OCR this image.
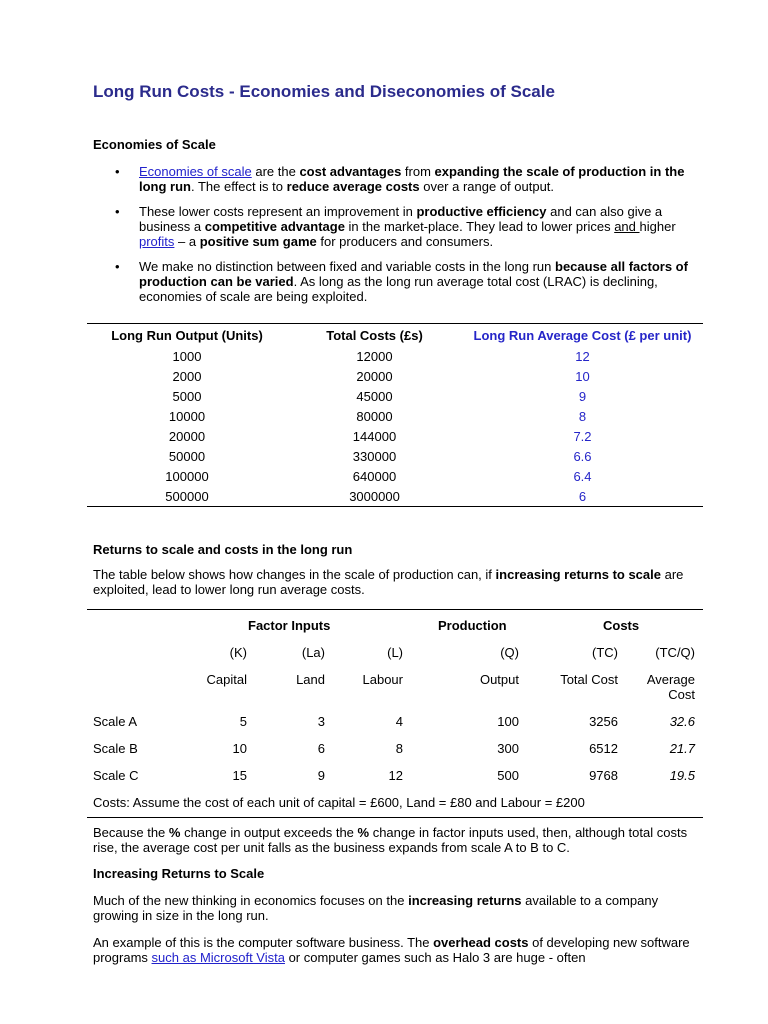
Long Run Costs - Economies and Diseconomies of Scale
Economies of Scale
• Economies of scale are the cost advantages from expanding the scale of production in the long run. The effect is to reduce average costs over a range of output.
• These lower costs represent an improvement in productive efficiency and can also give a business a competitive advantage in the market-place. They lead to lower prices and higher profits – a positive sum game for producers and consumers.
• We make no distinction between fixed and variable costs in the long run because all factors of production can be varied. As long as the long run average total cost (LRAC) is declining, economies of scale are being exploited.
Long Run Output (Units)	Total Costs (£s)	Long Run Average Cost (£ per unit)
1000	12000	12
2000	20000	10
5000	45000	9
10000	80000	8
20000	144000	7.2
50000	330000	6.6
100000	640000	6.4
500000	3000000	6
Returns to scale and costs in the long run

The table below shows how changes in the scale of production can, if increasing returns to scale are exploited, lead to lower long run average costs.

Factor Inputs	Production	Costs
(K)	(La)	(L)	(Q)	(TC)	(TC/Q)
Capital	Land	Labour	Output	Total Cost	Average Cost
Scale A	5	3	4	100	3256	32.6
Scale B	10	6	8	300	6512	21.7
Scale C	15	9	12	500	9768	19.5
Costs: Assume the cost of each unit of capital = £600, Land = £80 and Labour = £200

Because the % change in output exceeds the % change in factor inputs used, then, although total costs rise, the average cost per unit falls as the business expands from scale A to B to C.

Increasing Returns to Scale

Much of the new thinking in economics focuses on the increasing returns available to a company growing in size in the long run.

An example of this is the computer software business. The overhead costs of developing new software programs such as Microsoft Vista or computer games such as Halo 3 are huge - often
